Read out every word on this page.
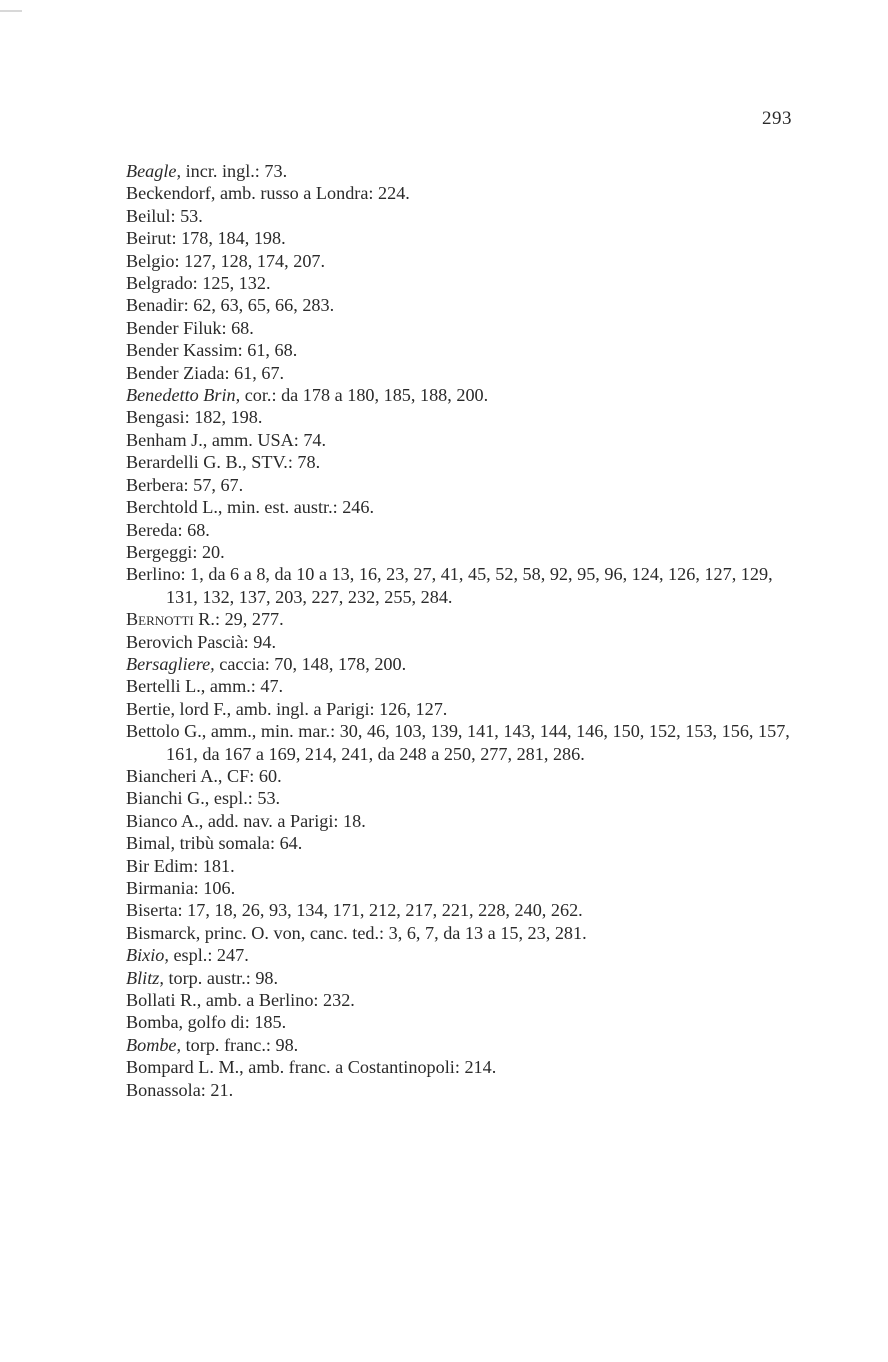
293
Beagle, incr. ingl.: 73.
Beckendorf, amb. russo a Londra: 224.
Beilul: 53.
Beirut: 178, 184, 198.
Belgio: 127, 128, 174, 207.
Belgrado: 125, 132.
Benadir: 62, 63, 65, 66, 283.
Bender Filuk: 68.
Bender Kassim: 61, 68.
Bender Ziada: 61, 67.
Benedetto Brin, cor.: da 178 a 180, 185, 188, 200.
Bengasi: 182, 198.
Benham J., amm. USA: 74.
Berardelli G. B., STV.: 78.
Berbera: 57, 67.
Berchtold L., min. est. austr.: 246.
Bereda: 68.
Bergeggi: 20.
Berlino: 1, da 6 a 8, da 10 a 13, 16, 23, 27, 41, 45, 52, 58, 92, 95, 96, 124, 126, 127, 129, 131, 132, 137, 203, 227, 232, 255, 284.
Bernotti R.: 29, 277.
Berovich Pascià: 94.
Bersagliere, caccia: 70, 148, 178, 200.
Bertelli L., amm.: 47.
Bertie, lord F., amb. ingl. a Parigi: 126, 127.
Bettolo G., amm., min. mar.: 30, 46, 103, 139, 141, 143, 144, 146, 150, 152, 153, 156, 157, 161, da 167 a 169, 214, 241, da 248 a 250, 277, 281, 286.
Biancheri A., CF: 60.
Bianchi G., espl.: 53.
Bianco A., add. nav. a Parigi: 18.
Bimal, tribù somala: 64.
Bir Edim: 181.
Birmania: 106.
Biserta: 17, 18, 26, 93, 134, 171, 212, 217, 221, 228, 240, 262.
Bismarck, princ. O. von, canc. ted.: 3, 6, 7, da 13 a 15, 23, 281.
Bixio, espl.: 247.
Blitz, torp. austr.: 98.
Bollati R., amb. a Berlino: 232.
Bomba, golfo di: 185.
Bombe, torp. franc.: 98.
Bompard L. M., amb. franc. a Costantinopoli: 214.
Bonassola: 21.
